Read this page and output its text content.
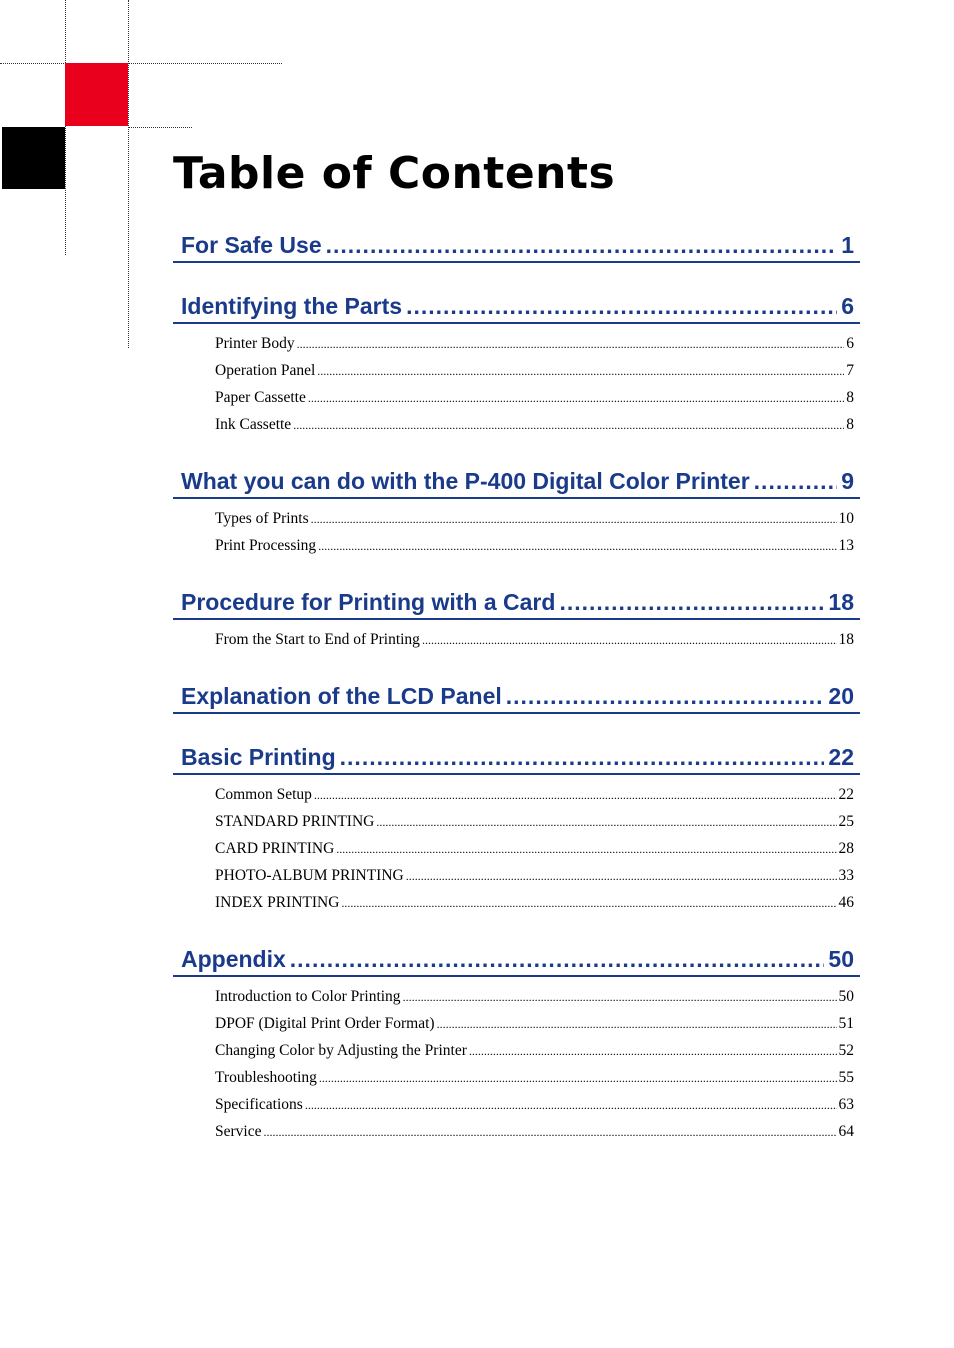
Table of Contents
For Safe Use .....	1
Identifying the Parts .....	6
Printer Body .....	6
Operation Panel .....	7
Paper Cassette .....	8
Ink Cassette .....	8
What you can do with the P-400 Digital Color Printer .....	9
Types of Prints .....	10
Print Processing .....	13
Procedure for Printing with a Card .....	18
From the Start to End of Printing .....	18
Explanation of the LCD Panel .....	20
Basic Printing .....	22
Common Setup .....	22
STANDARD PRINTING .....	25
CARD PRINTING .....	28
PHOTO-ALBUM PRINTING .....	33
INDEX PRINTING .....	46
Appendix .....	50
Introduction to Color Printing .....	50
DPOF (Digital Print Order Format) .....	51
Changing Color by Adjusting the Printer .....	52
Troubleshooting .....	55
Specifications .....	63
Service .....	64
